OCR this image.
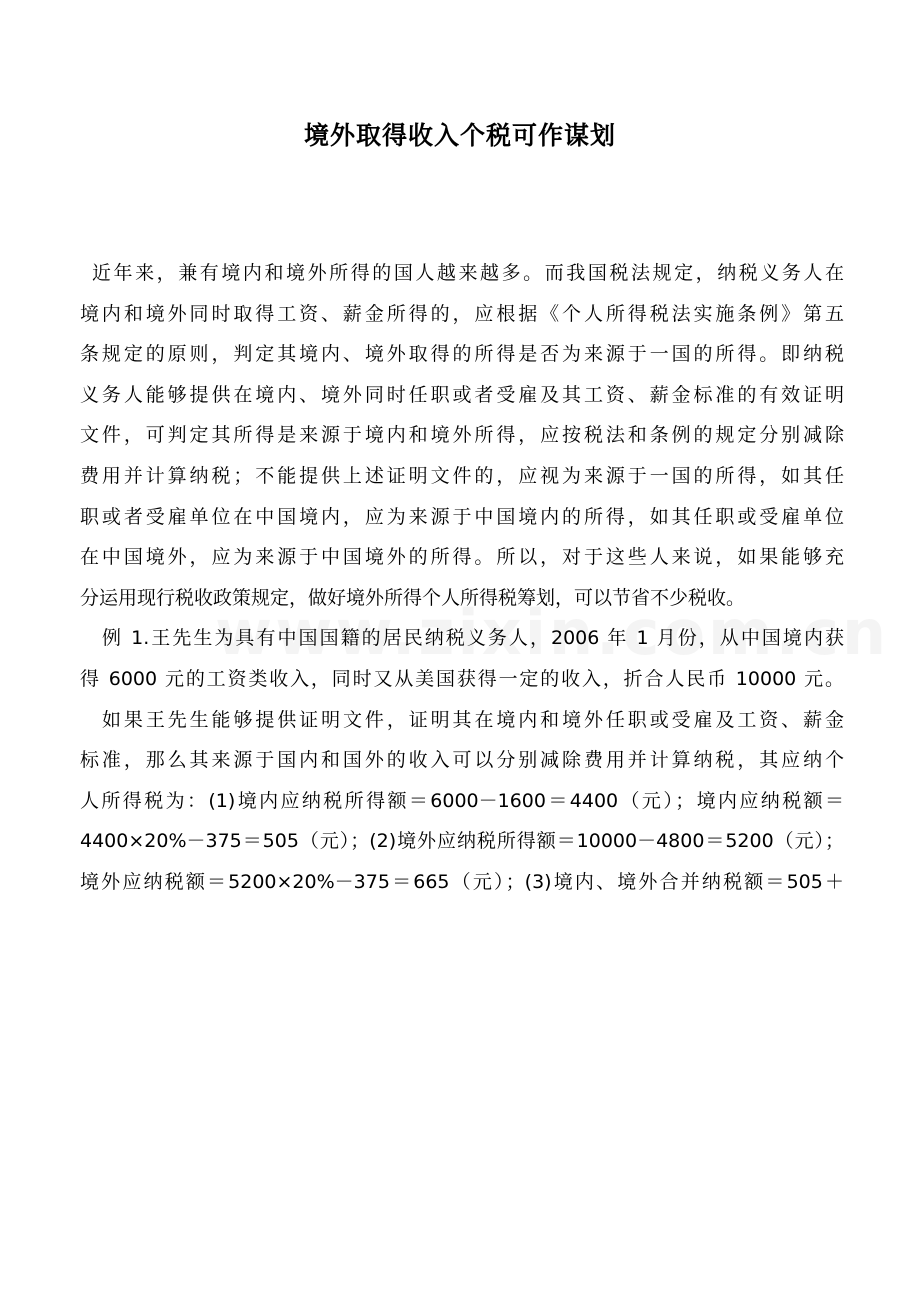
境外取得收入个税可作谋划
近年来，兼有境内和境外所得的国人越来越多。而我国税法规定，纳税义务人在
境内和境外同时取得工资、薪金所得的，应根据《个人所得税法实施条例》第五
条规定的原则，判定其境内、境外取得的所得是否为来源于一国的所得。即纳税
义务人能够提供在境内、境外同时任职或者受雇及其工资、薪金标准的有效证明
文件，可判定其所得是来源于境内和境外所得，应按税法和条例的规定分别减除
费用并计算纳税；不能提供上述证明文件的，应视为来源于一国的所得，如其任
职或者受雇单位在中国境内，应为来源于中国境内的所得，如其任职或受雇单位
在中国境外，应为来源于中国境外的所得。所以，对于这些人来说，如果能够充
分运用现行税收政策规定，做好境外所得个人所得税筹划，可以节省不少税收。
例 1.王先生为具有中国国籍的居民纳税义务人，2006 年 1 月份，从中国境内获
得 6000 元的工资类收入，同时又从美国获得一定的收入，折合人民币 10000 元。
如果王先生能够提供证明文件，证明其在境内和境外任职或受雇及工资、薪金
标准，那么其来源于国内和国外的收入可以分别减除费用并计算纳税，其应纳个
人所得税为：(1)境内应纳税所得额＝6000－1600＝4400（元）；境内应纳税额＝
4400×20%－375＝505（元）；(2)境外应纳税所得额＝10000－4800＝5200（元）；
境外应纳税额＝5200×20%－375＝665（元）；(3)境内、境外合并纳税额＝505＋
